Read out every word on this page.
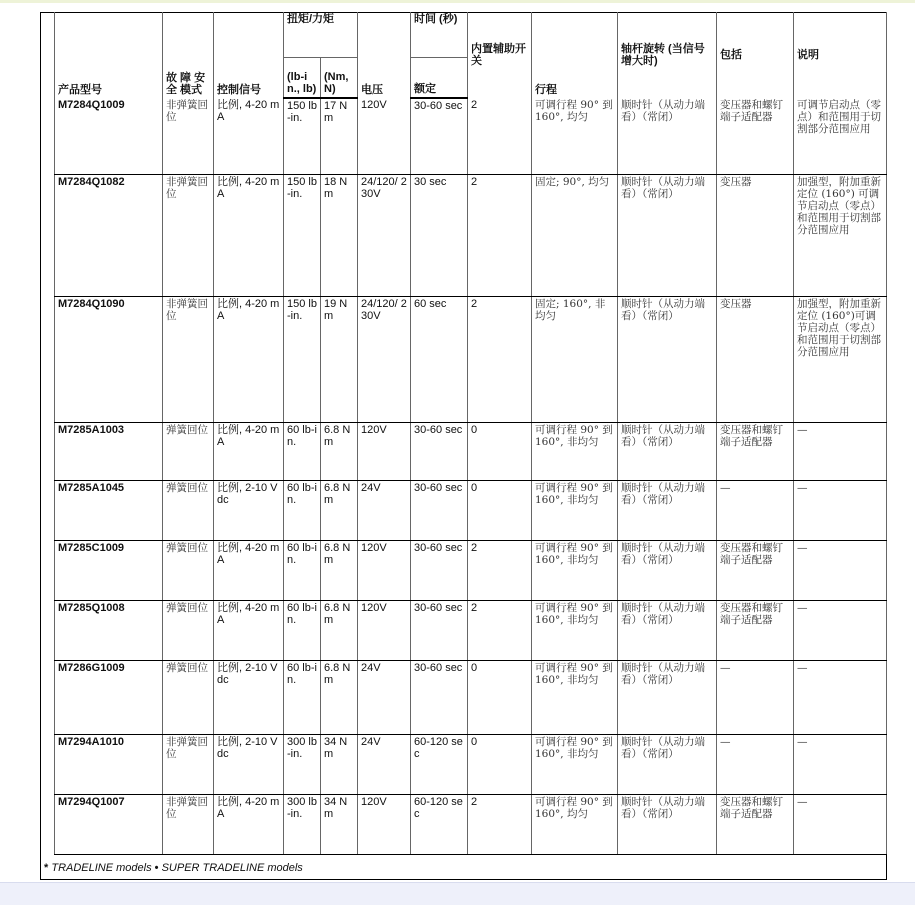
产品型号	故 障 安 全 模式	控制信号	扭矩/力矩		电压	时间 (秒)	内置辅助开关	行程	轴杆旋转 (当信号增大时)	包括	说明
			(lb-in., lb)	(Nm, N)		额定					
M7284Q1009	非弹簧回位	比例, 4-20 mA	150 lb-in.	17 Nm	120V	30-60 sec	2	可调行程 90° 到 160°, 均匀	顺时针（从动力端看）（常闭）	变压器和螺钉端子适配器	可调节启动点（零点）和范围用于切割部分范围应用
M7284Q1082	非弹簧回位	比例, 4-20 mA	150 lb-in.	18 Nm	24/120/ 230V	30 sec	2	固定; 90°, 均匀	顺时针（从动力端看）（常闭）	变压器	加强型，附加重新定位 (160°) 可调节启动点（零点）和范围用于切割部分范围应用
M7284Q1090	非弹簧回位	比例, 4-20 mA	150 lb-in.	19 Nm	24/120/ 230V	60 sec	2	固定; 160°, 非均匀	顺时针（从动力端看）（常闭）	变压器	加强型，附加重新定位 (160°)可调节启动点（零点）和范围用于切割部分范围应用
M7285A1003	弹簧回位	比例, 4-20 mA	60 lb-in.	6.8 Nm	120V	30-60 sec	0	可调行程 90° 到 160°, 非均匀	顺时针（从动力端看）（常闭）	变压器和螺钉端子适配器	—
M7285A1045	弹簧回位	比例, 2-10 Vdc	60 lb-in.	6.8 Nm	24V	30-60 sec	0	可调行程 90° 到 160°, 非均匀	顺时针（从动力端看）（常闭）	—	—
M7285C1009	弹簧回位	比例, 4-20 mA	60 lb-in.	6.8 Nm	120V	30-60 sec	2	可调行程 90° 到 160°, 非均匀	顺时针（从动力端看）（常闭）	变压器和螺钉端子适配器	—
M7285Q1008	弹簧回位	比例, 4-20 mA	60 lb-in.	6.8 Nm	120V	30-60 sec	2	可调行程 90° 到 160°, 非均匀	顺时针（从动力端看）（常闭）	变压器和螺钉端子适配器	—
M7286G1009	弹簧回位	比例, 2-10 Vdc	60 lb-in.	6.8 Nm	24V	30-60 sec	0	可调行程 90° 到 160°, 非均匀	顺时针（从动力端看）（常闭）	—	—
M7294A1010	非弹簧回位	比例, 2-10 Vdc	300 lb-in.	34 Nm	24V	60-120 sec	0	可调行程 90° 到 160°, 非均匀	顺时针（从动力端看）（常闭）	—	—
M7294Q1007	非弹簧回位	比例, 4-20 mA	300 lb-in.	34 Nm	120V	60-120 sec	2	可调行程 90° 到 160°, 均匀	顺时针（从动力端看）（常闭）	变压器和螺钉端子适配器	—
* TRADELINE models • SUPER TRADELINE models
